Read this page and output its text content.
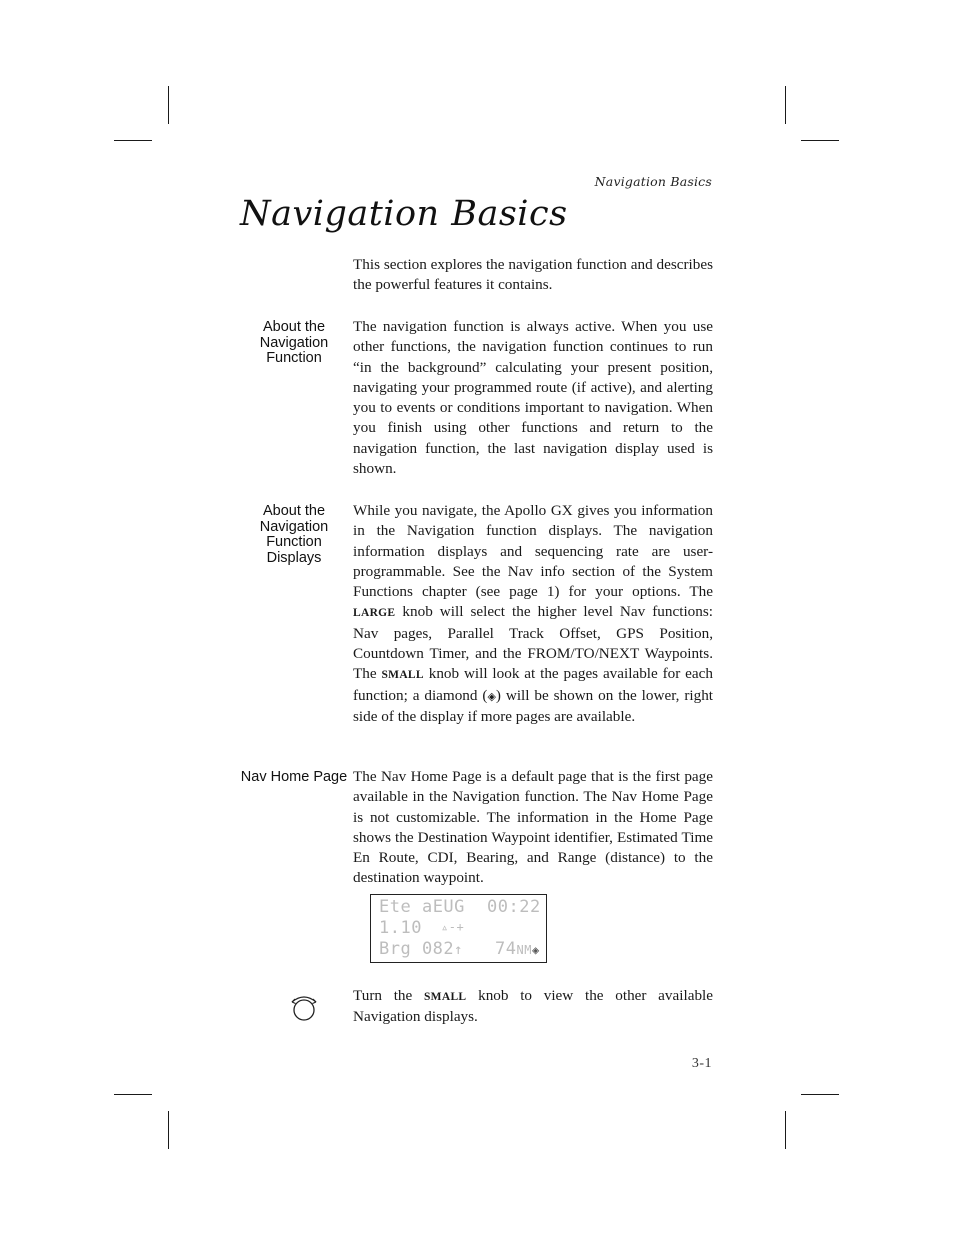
Navigation Basics
Navigation Basics

This section explores the navigation function and describes the powerful features it contains.

About the Navigation Function

The navigation function is always active. When you use other functions, the navigation function continues to run “in the background” calculating your present position, navigating your programmed route (if active), and alerting you to events or conditions important to navigation. When you finish using other functions and return to the navigation function, the last navigation display used is shown.

About the Navigation Function Displays

While you navigate, the Apollo GX gives you information in the Navigation function displays. The navigation information displays and sequencing rate are user-programmable. See the Nav info section of the System Functions chapter (see page 1) for your options. The LARGE knob will select the higher level Nav functions: Nav pages, Parallel Track Offset, GPS Position, Countdown Timer, and the FROM/TO/NEXT Waypoints. The SMALL knob will look at the pages available for each function; a diamond (◈) will be shown on the lower, right side of the display if more pages are available.

Nav Home Page The Nav Home Page is a default page that is the first page available in the Navigation function. The Nav Home Page is not customizable. The information in the Home Page shows the Destination Waypoint identifier, Estimated Time En Route, CDI, Bearing, and Range (distance) to the destination waypoint.

Ete aEUG 00:22
1.10 ▵-+
Brg 082↑ 74NM◈

Turn the SMALL knob to view the other available Navigation displays.

3-1
